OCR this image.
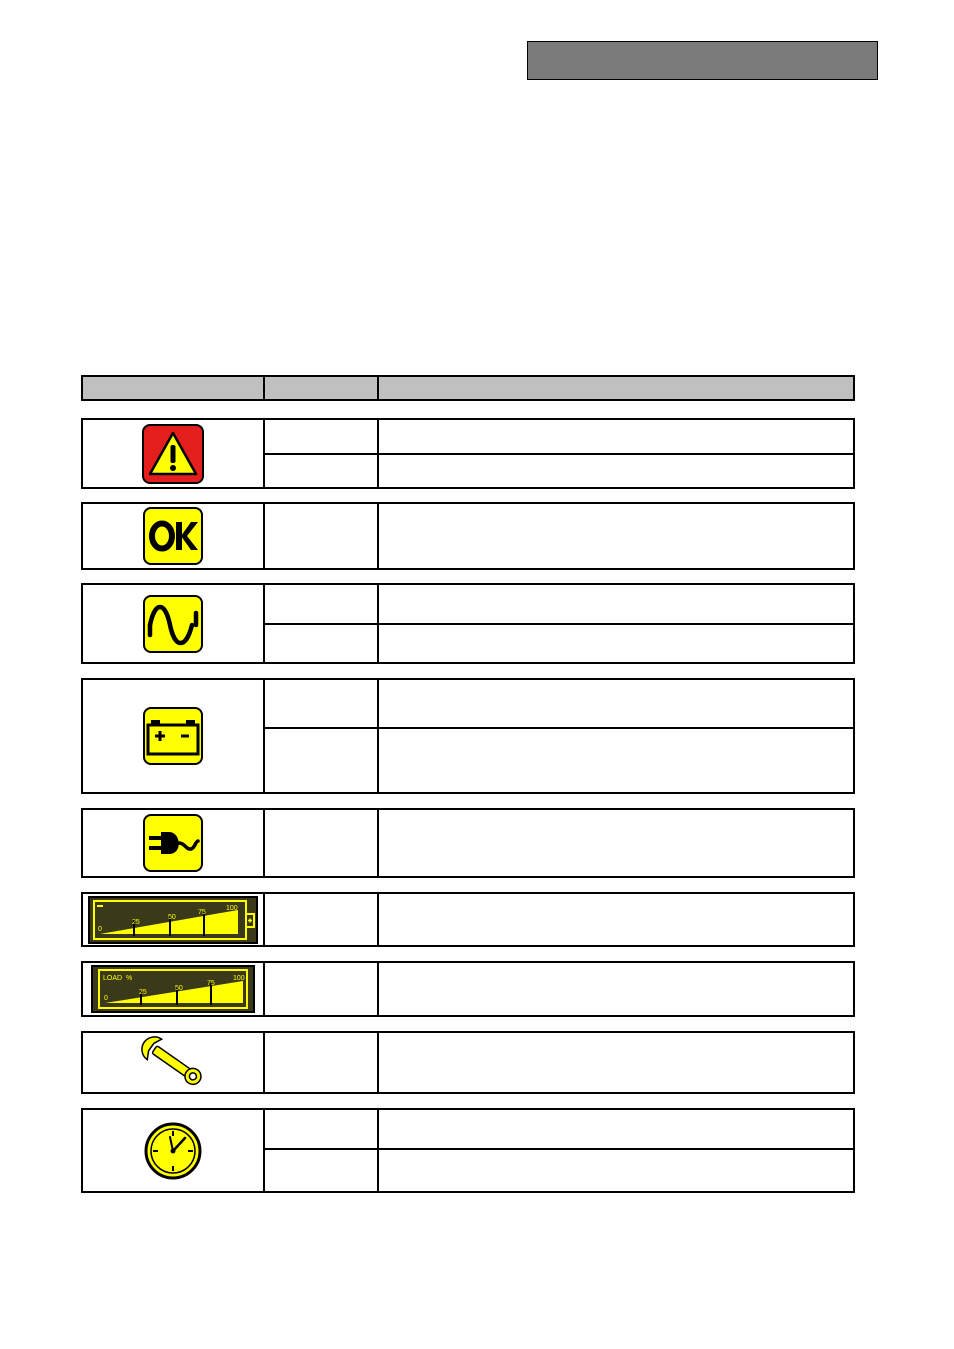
0
25
50
75
100
LOAD  %
0
25
50
75
100
